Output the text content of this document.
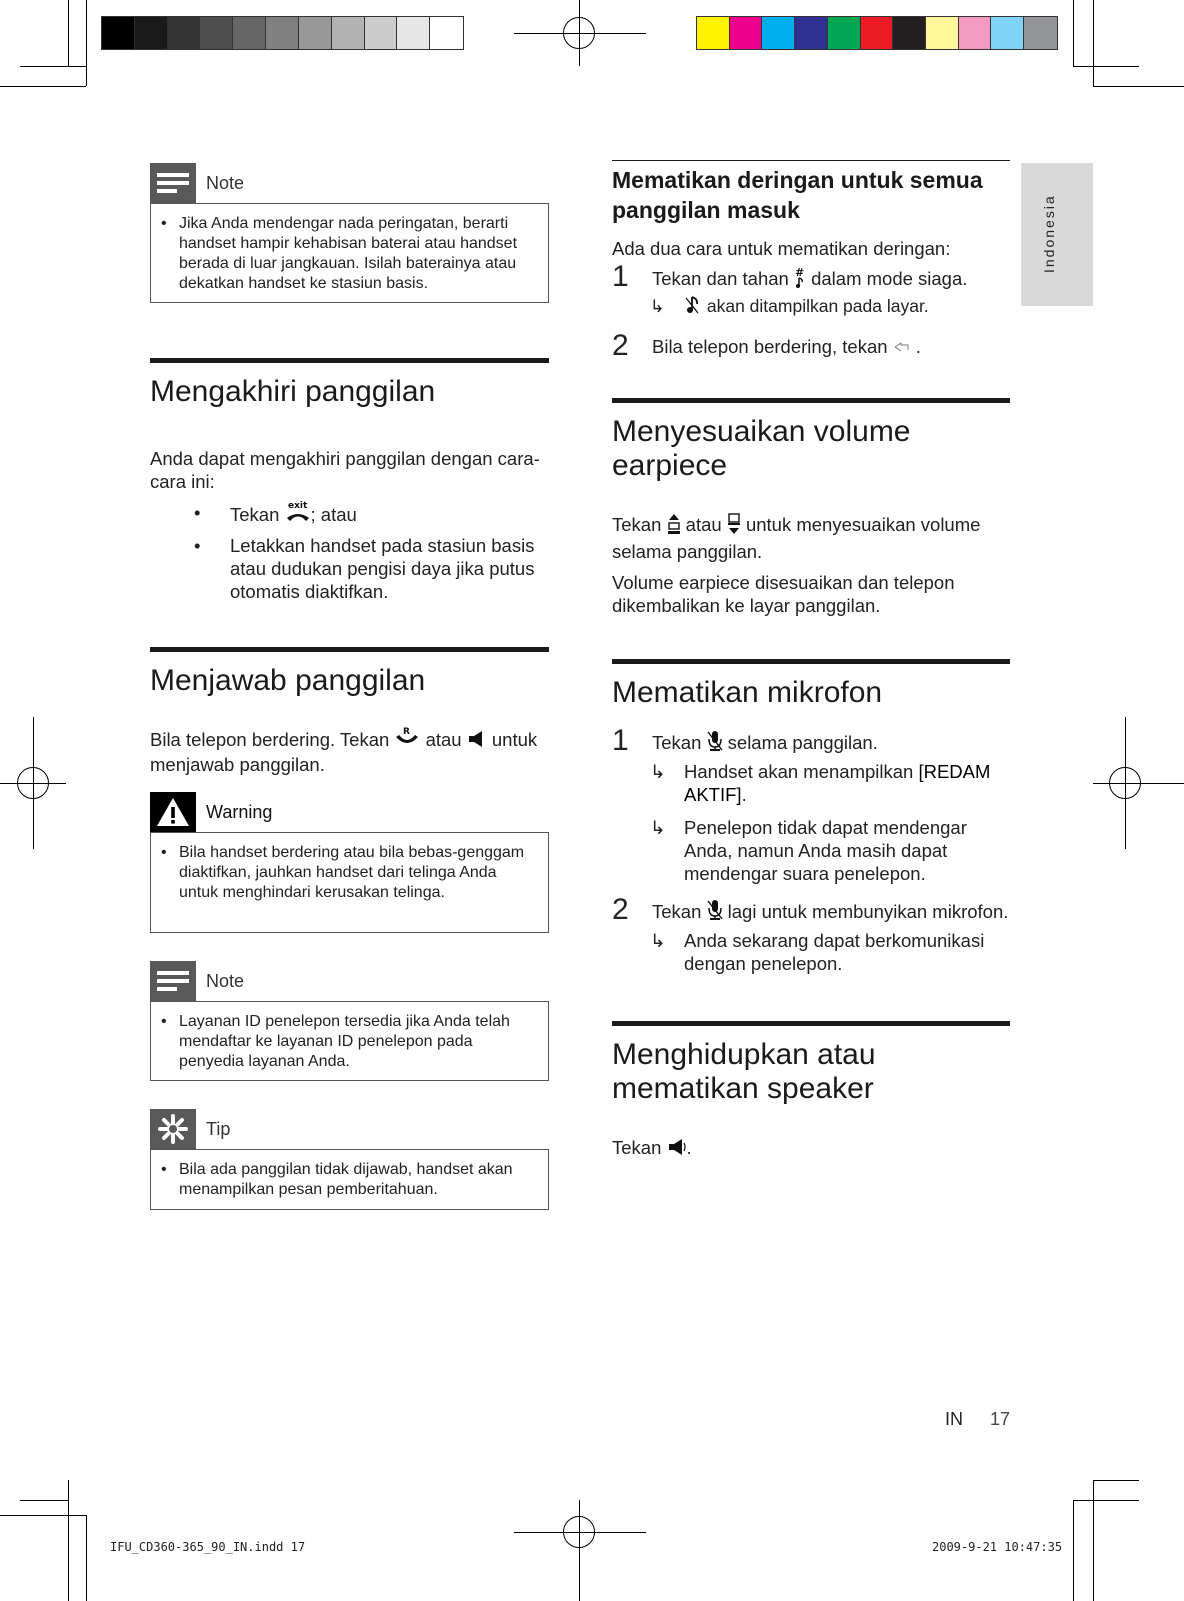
Indonesia
Note
• Jika Anda mendengar nada peringatan, berarti handset hampir kehabisan baterai atau handset berada di luar jangkauan. Isilah baterainya atau dekatkan handset ke stasiun basis.
Mengakhiri panggilan

Anda dapat mengakhiri panggilan dengan cara-cara ini:

• Tekan exit ; atau
• Letakkan handset pada stasiun basis atau dudukan pengisi daya jika putus otomatis diaktifkan.
Menjawab panggilan

Bila telepon berdering. Tekan R atau  untuk menjawab panggilan.

Warning
• Bila handset berdering atau bila bebas-genggam diaktifkan, jauhkan handset dari telinga Anda untuk menghindari kerusakan telinga.
Note
• Layanan ID penelepon tersedia jika Anda telah mendaftar ke layanan ID penelepon pada penyedia layanan Anda.
Tip
• Bila ada panggilan tidak dijawab, handset akan menampilkan pesan pemberitahuan.
Mematikan deringan untuk semua panggilan masuk

Ada dua cara untuk mematikan deringan:

1 Tekan dan tahan # dalam mode siaga.
↳ akan ditampilkan pada layar.
2 Bila telepon berdering, tekan  .
Menyesuaikan volume earpiece

Tekan  atau  untuk menyesuaikan volume selama panggilan.

Volume earpiece disesuaikan dan telepon dikembalikan ke layar panggilan.

Mematikan mikrofon
1 Tekan  selama panggilan.
↳ Handset akan menampilkan [REDAM AKTIF].
↳ Penelepon tidak dapat mendengar Anda, namun Anda masih dapat mendengar suara penelepon.
2 Tekan  lagi untuk membunyikan mikrofon.
↳ Anda sekarang dapat berkomunikasi dengan penelepon.
Menghidupkan atau mematikan speaker

Tekan .

IN 17
IFU_CD360-365_90_IN.indd 17	2009-9-21 10:47:35
